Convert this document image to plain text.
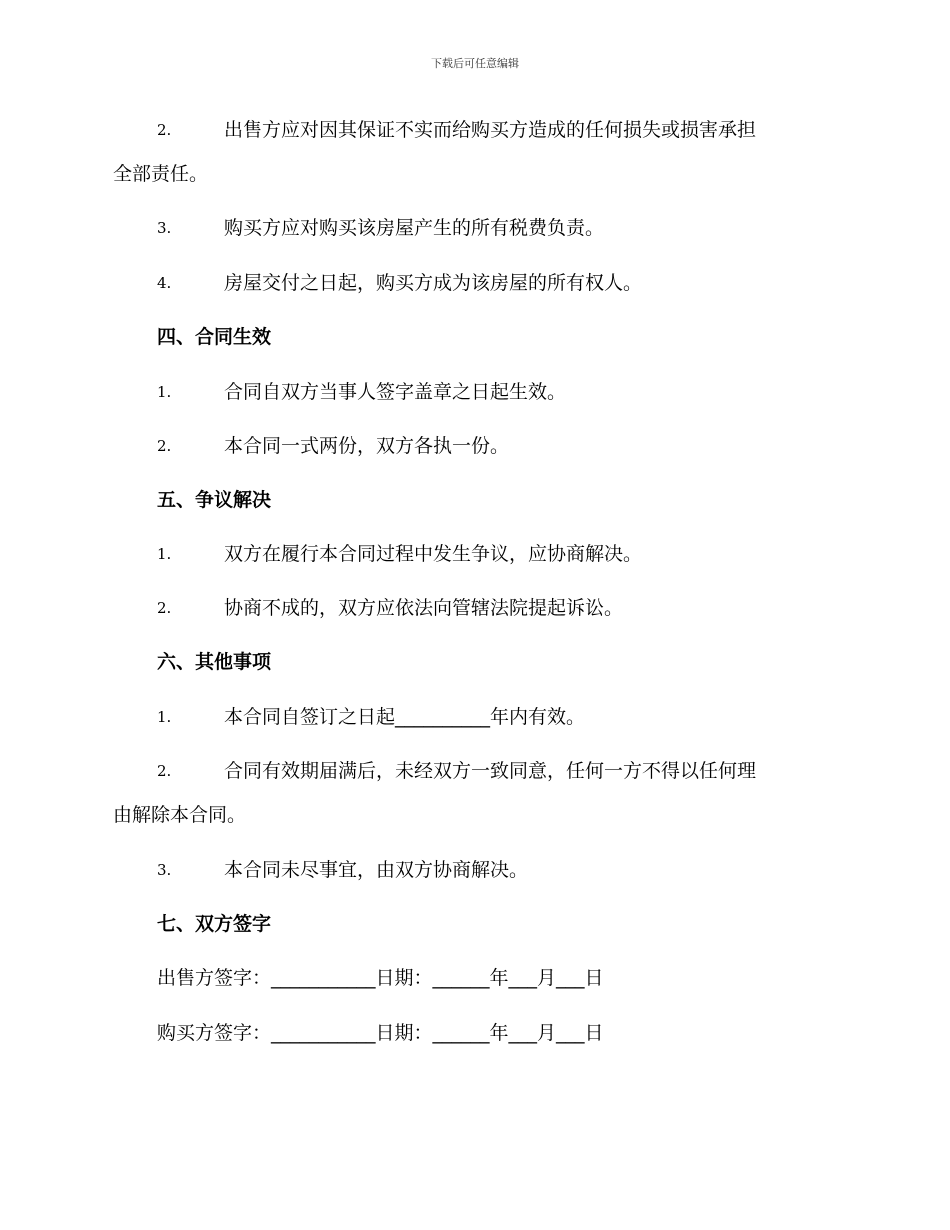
下载后可任意编辑
2.	出售方应对因其保证不实而给购买方造成的任何损失或损害承担
全部责任。
3.	购买方应对购买该房屋产生的所有税费负责。
4.	房屋交付之日起，购买方成为该房屋的所有权人。
四、合同生效
1.	合同自双方当事人签字盖章之日起生效。
2.	本合同一式两份，双方各执一份。
五、争议解决
1.	双方在履行本合同过程中发生争议，应协商解决。
2.	协商不成的，双方应依法向管辖法院提起诉讼。
六、其他事项
1.	本合同自签订之日起__________年内有效。
2.	合同有效期届满后，未经双方一致同意，任何一方不得以任何理
由解除本合同。
3.	本合同未尽事宜，由双方协商解决。
七、双方签字
出售方签字：___________日期：______年___月___日
购买方签字：___________日期：______年___月___日
